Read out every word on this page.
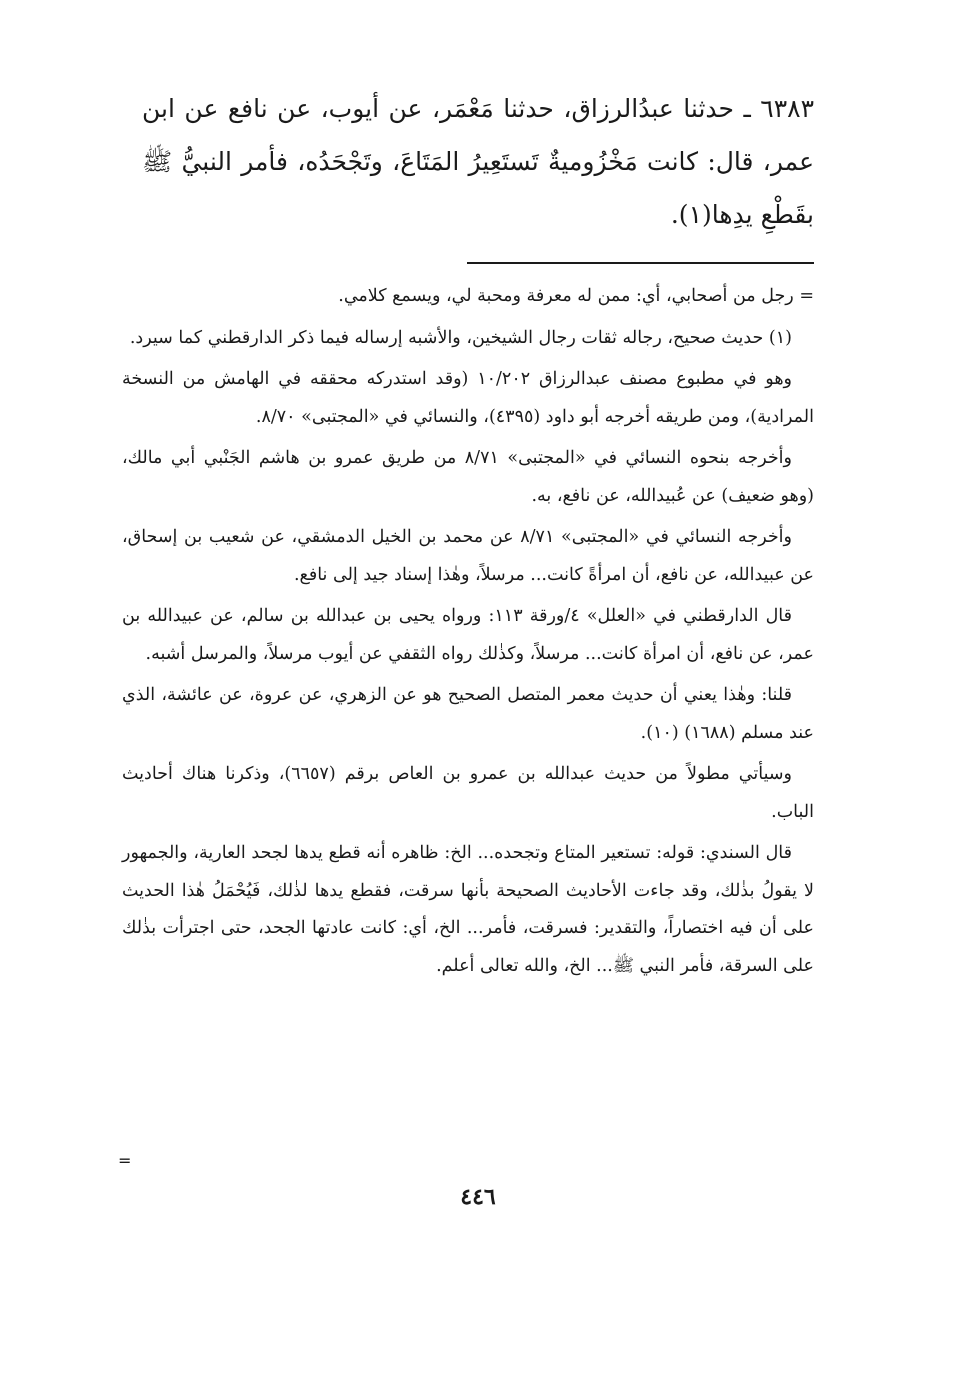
٦٣٨٣ ـ حدثنا عبدُالرزاق، حدثنا مَعْمَر، عن أيوب، عن نافع عن ابن عمر، قال: كانت مَخْزُوميةٌ تَستَعِيرُ المَتَاعَ، وتَجْحَدُه، فأمر النبيُّ ﷺ بقَطْعِ يدِها(١).

= رجل من أصحابي، أي: ممن له معرفة ومحبة لي، ويسمع كلامي.

(١) حديث صحيح، رجاله ثقات رجال الشيخين، والأشبه إرساله فيما ذكر الدارقطني كما سيرد.

وهو في مطبوع مصنف عبدالرزاق ١٠/٢٠٢ (وقد استدركه محققه في الهامش من النسخة المرادية)، ومن طريقه أخرجه أبو داود (٤٣٩٥)، والنسائي في «المجتبى» ٨/٧٠.

وأخرجه بنحوه النسائي في «المجتبى» ٨/٧١ من طريق عمرو بن هاشم الجَنْبي أبي مالك، (وهو ضعيف) عن عُبيدالله، عن نافع، به.

وأخرجه النسائي في «المجتبى» ٨/٧١ عن محمد بن الخيل الدمشقي، عن شعيب بن إسحاق، عن عبيدالله، عن نافع، أن امرأةً كانت... مرسلاً، وهٰذا إسناد جيد إلى نافع.

قال الدارقطني في «العلل» ٤/ورقة ١١٣: ورواه يحيى بن عبدالله بن سالم، عن عبيدالله بن عمر، عن نافع، أن امرأة كانت... مرسلاً، وكذٰلك رواه الثقفي عن أيوب مرسلاً، والمرسل أشبه.

قلنا: وهٰذا يعني أن حديث معمر المتصل الصحيح هو عن الزهري، عن عروة، عن عائشة، الذي عند مسلم (١٦٨٨) (١٠).

وسيأتي مطولاً من حديث عبدالله بن عمرو بن العاص برقم (٦٦٥٧)، وذكرنا هناك أحاديث الباب.

قال السندي: قوله: تستعير المتاع وتجحده... الخ: ظاهره أنه قطع يدها لجحد العارية، والجمهور لا يقولُ بذٰلك، وقد جاءت الأحاديث الصحيحة بأنها سرقت، فقطع يدها لذٰلك، فَيُحْمَلُ هٰذا الحديث على أن فيه اختصاراً، والتقدير: فسرقت، فأمر... الخ، أي: كانت عادتها الجحد، حتى اجترأت بذٰلك على السرقة، فأمر النبي ﷺ... الخ، والله تعالى أعلم.

=
٤٤٦
